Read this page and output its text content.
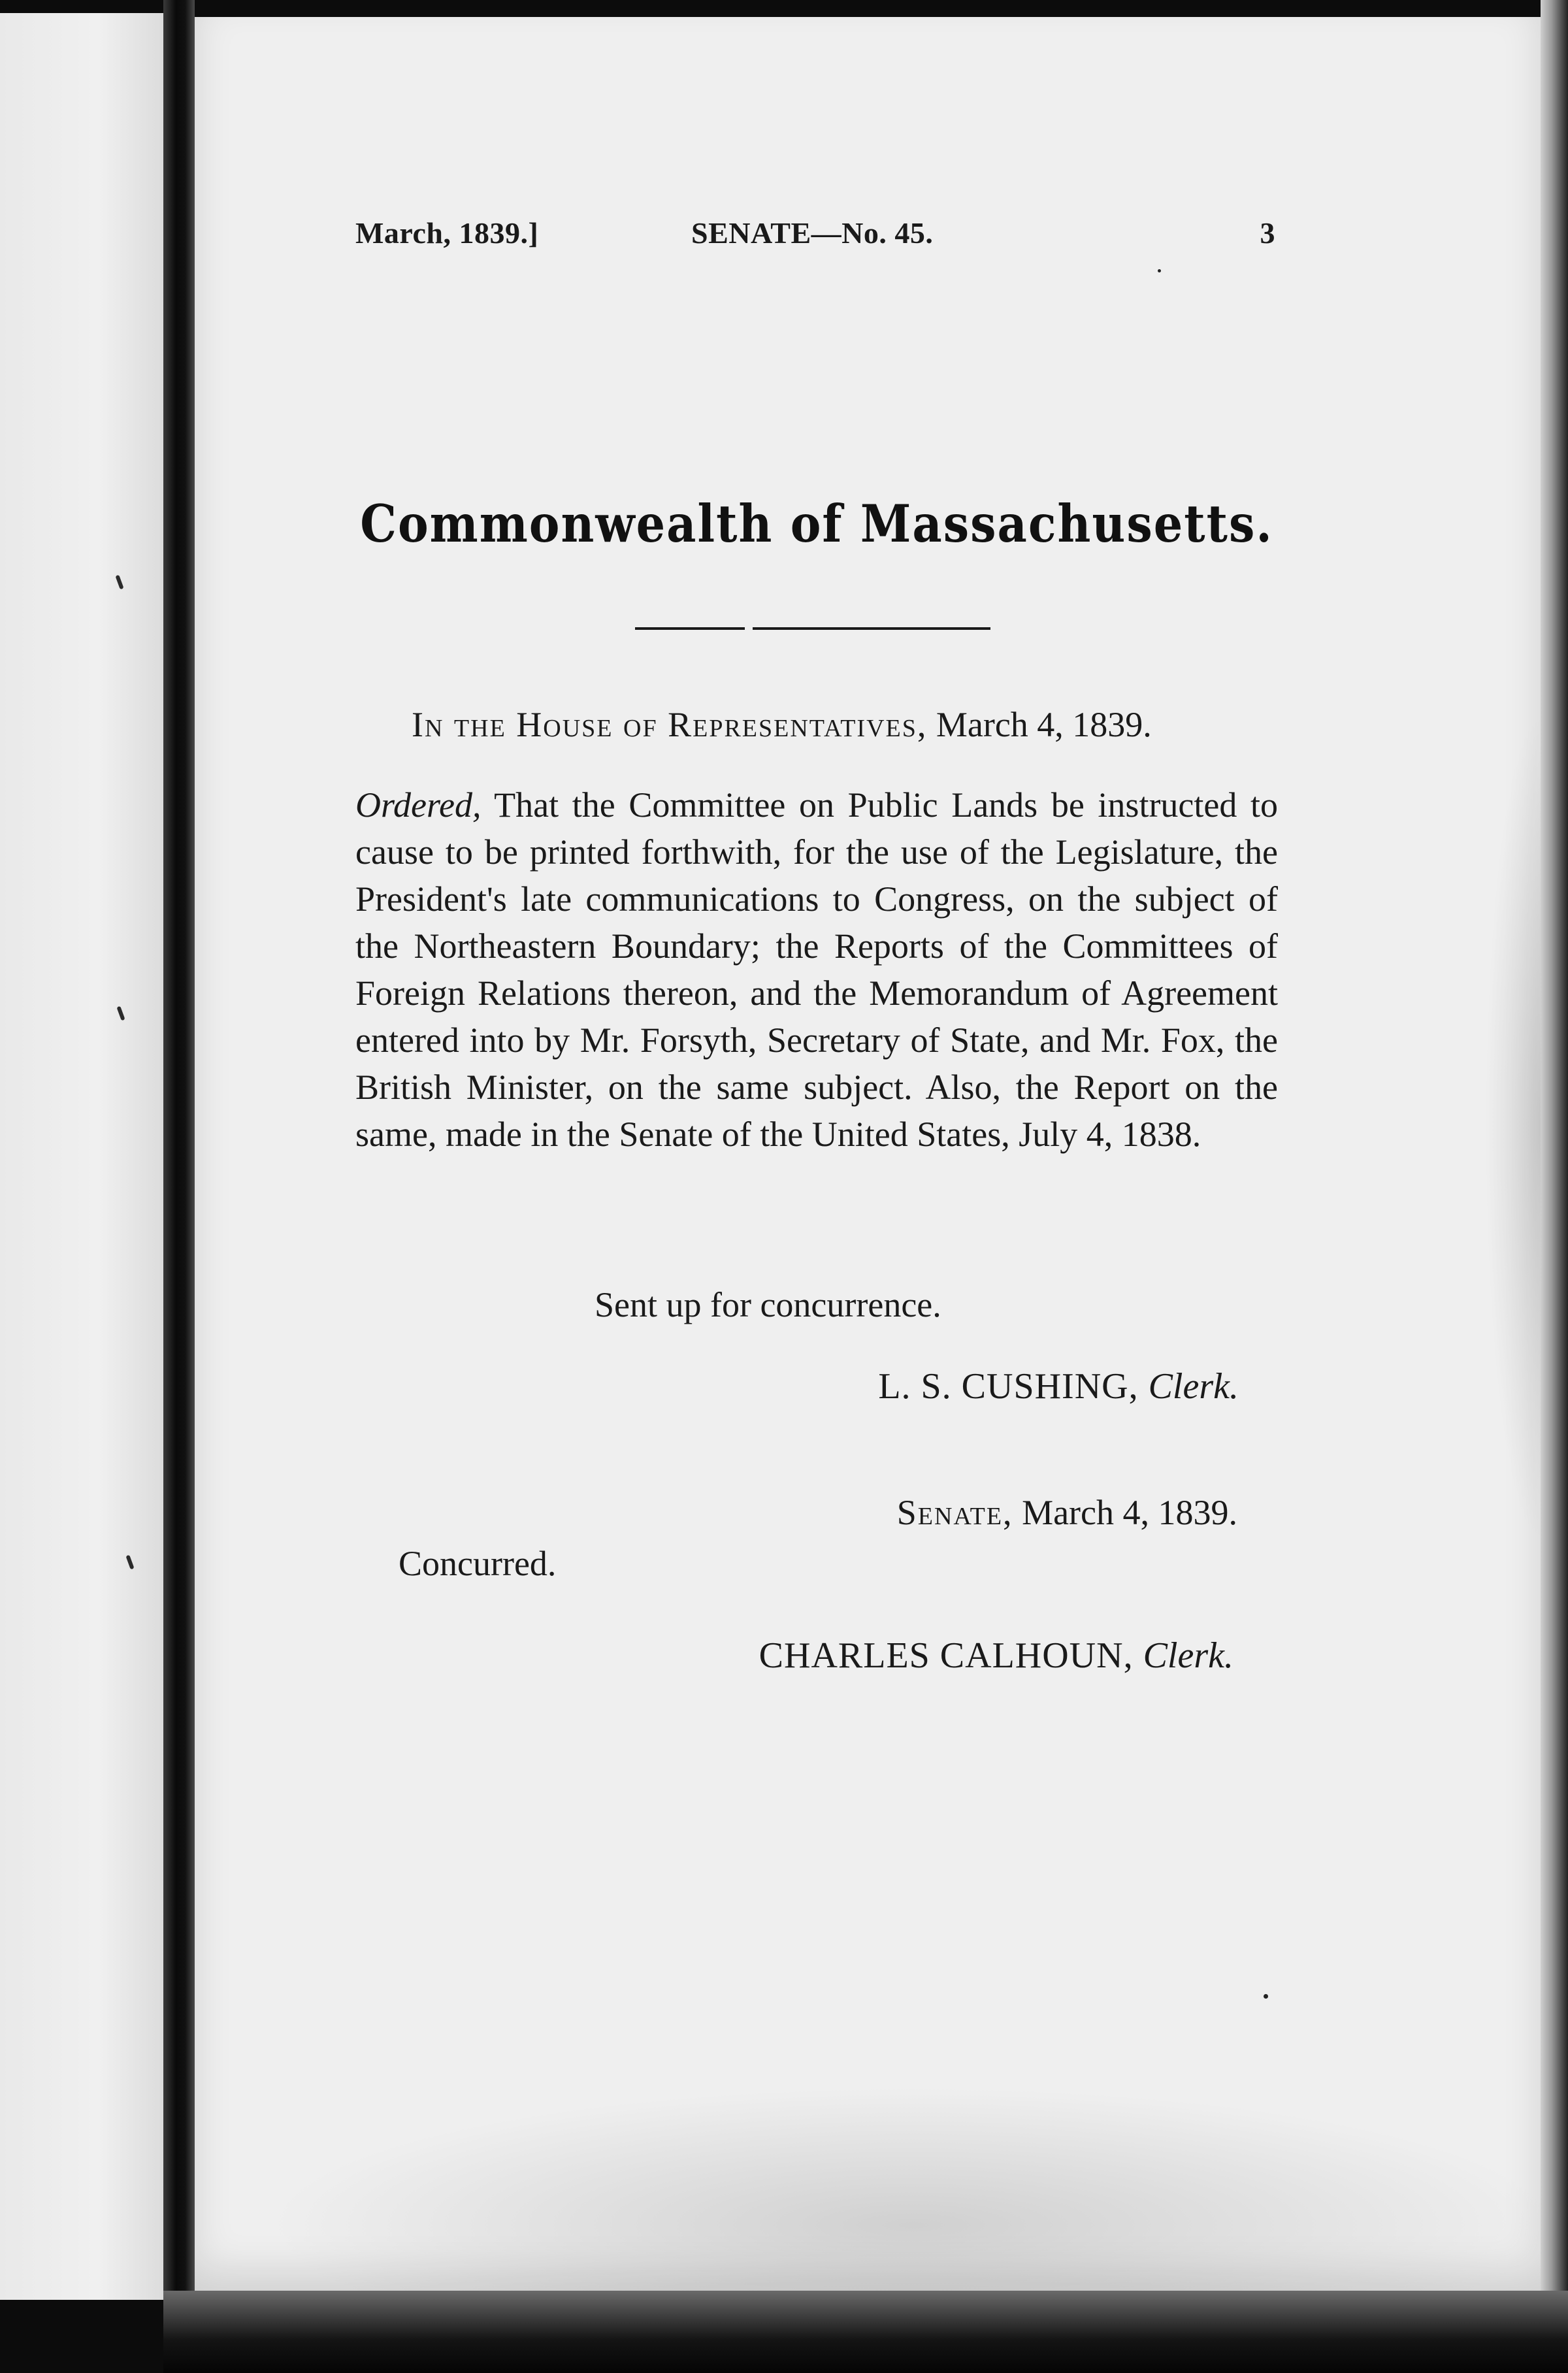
March, 1839.]	SENATE—No. 45.	3
Commonwealth of Massachusetts.
In the House of Representatives, March 4, 1839.
Ordered, That the Committee on Public Lands be instructed to cause to be printed forthwith, for the use of the Legislature, the President's late communications to Congress, on the subject of the Northeastern Boundary; the Reports of the Committees of Foreign Relations thereon, and the Memorandum of Agreement entered into by Mr. Forsyth, Secretary of State, and Mr. Fox, the British Minister, on the same subject. Also, the Report on the same, made in the Senate of the United States, July 4, 1838.
Sent up for concurrence.
L. S. CUSHING, Clerk.
Senate, March 4, 1839.
Concurred.
CHARLES CALHOUN, Clerk.
